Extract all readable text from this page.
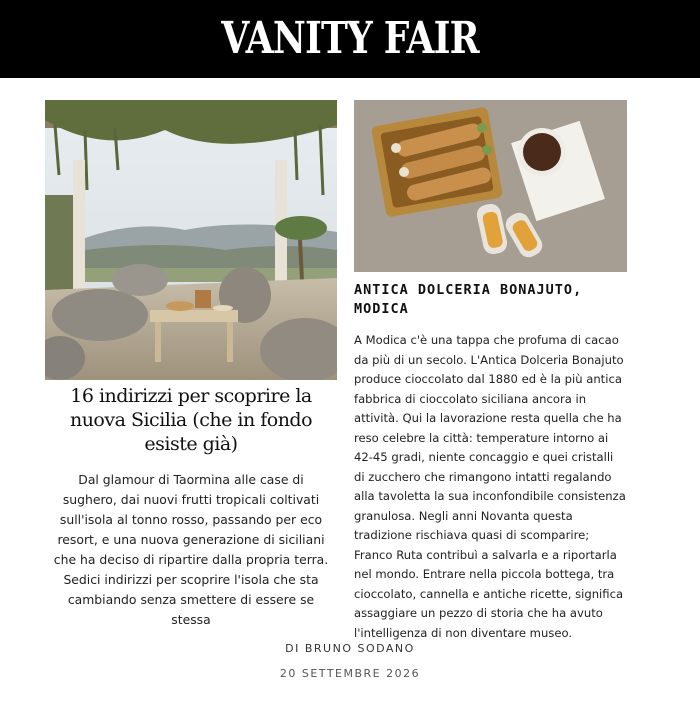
VANITY FAIR
16 indirizzi per scoprire la nuova Sicilia (che in fondo esiste già)

Dal glamour di Taormina alle case di sughero, dai nuovi frutti tropicali coltivati sull'isola al tonno rosso, passando per eco resort, e una nuova generazione di siciliani che ha deciso di ripartire dalla propria terra. Sedici indirizzi per scoprire l'isola che sta cambiando senza smettere di essere se stessa

ANTICA DOLCERIA BONAJUTO,
MODICA

A Modica c'è una tappa che profuma di cacao da più di un secolo. L'Antica Dolceria Bonajuto produce cioccolato dal 1880 ed è la più antica fabbrica di cioccolato siciliana ancora in attività. Qui la lavorazione resta quella che ha reso celebre la città: temperature intorno ai 42-45 gradi, niente concaggio e quei cristalli di zucchero che rimangono intatti regalando alla tavoletta la sua inconfondibile consistenza granulosa. Negli anni Novanta questa tradizione rischiava quasi di scomparire; Franco Ruta contribuì a salvarla e a riportarla nel mondo. Entrare nella piccola bottega, tra cioccolato, cannella e antiche ricette, significa assaggiare un pezzo di storia che ha avuto l'intelligenza di non diventare museo.

DI BRUNO SODANO
20 SETTEMBRE 2026
